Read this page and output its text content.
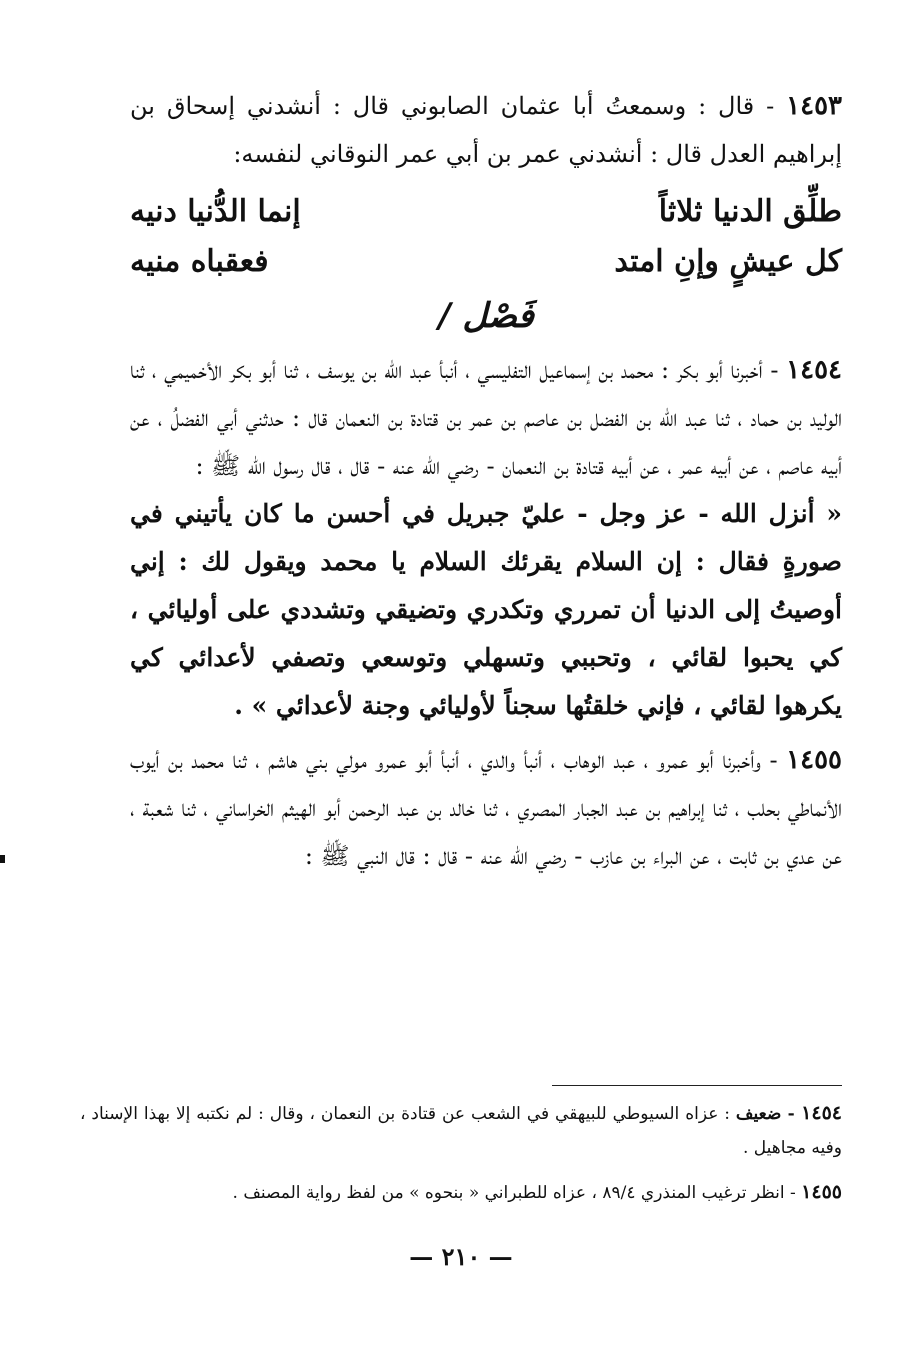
١٤٥٣ - قال : وسمعتُ أبا عثمان الصابوني قال : أنشدني إسحاق بن إبراهيم العدل قال : أنشدني عمر بن أبي عمر النوقاني لنفسه:

طلِّق الدنيا ثلاثاً
إنما الدُّنيا دنيه
كل عيشٍ وإنِ امتد
فعقباه منيه
فَصْل /

١٤٥٤ - أخبرنا أبو بكر : محمد بن إسماعيل التفليسي ، أنبأ عبد الله بن يوسف ، ثنا أبو بكر الأخميمي ، ثنا الوليد بن حماد ، ثنا عبد الله بن الفضل بن عاصم بن عمر بن قتادة بن النعمان قال : حدثني أبي الفضلُ ، عن أبيه عاصم ، عن أبيه عمر ، عن أبيه قتادة بن النعمان - رضي الله عنه - قال ، قال رسول الله ﷺ :

« أنزل الله - عز وجل - عليّ جبريل في أحسن ما كان يأتيني في صورةٍ فقال : إن السلام يقرئك السلام يا محمد ويقول لك : إني أوصيتُ إلى الدنيا أن تمرري وتكدري وتضيقي وتشددي على أوليائي ، كي يحبوا لقائي ، وتحببي وتسهلي وتوسعي وتصفي لأعدائي كي يكرهوا لقائي ، فإني خلقتُها سجناً لأوليائي وجنة لأعدائي » .

١٤٥٥ - وأخبرنا أبو عمرو ، عبد الوهاب ، أنبأ والدي ، أنبأ أبو عمرو مولي بني هاشم ، ثنا محمد بن أيوب الأنماطي بحلب ، ثنا إبراهيم بن عبد الجبار المصري ، ثنا خالد بن عبد الرحمن أبو الهيثم الخراساني ، ثنا شعبة ، عن عدي بن ثابت ، عن البراء بن عازب - رضي الله عنه - قال : قال النبي ﷺ :

١٤٥٤ - ضعيف : عزاه السيوطي للبيهقي في الشعب عن قتادة بن النعمان ، وقال : لم نكتبه إلا بهذا الإسناد ، وفيه مجاهيل .

١٤٥٥ - انظر ترغيب المنذري ٨٩/٤ ، عزاه للطبراني « بنحوه » من لفظ رواية المصنف .

— ٢١٠ —
